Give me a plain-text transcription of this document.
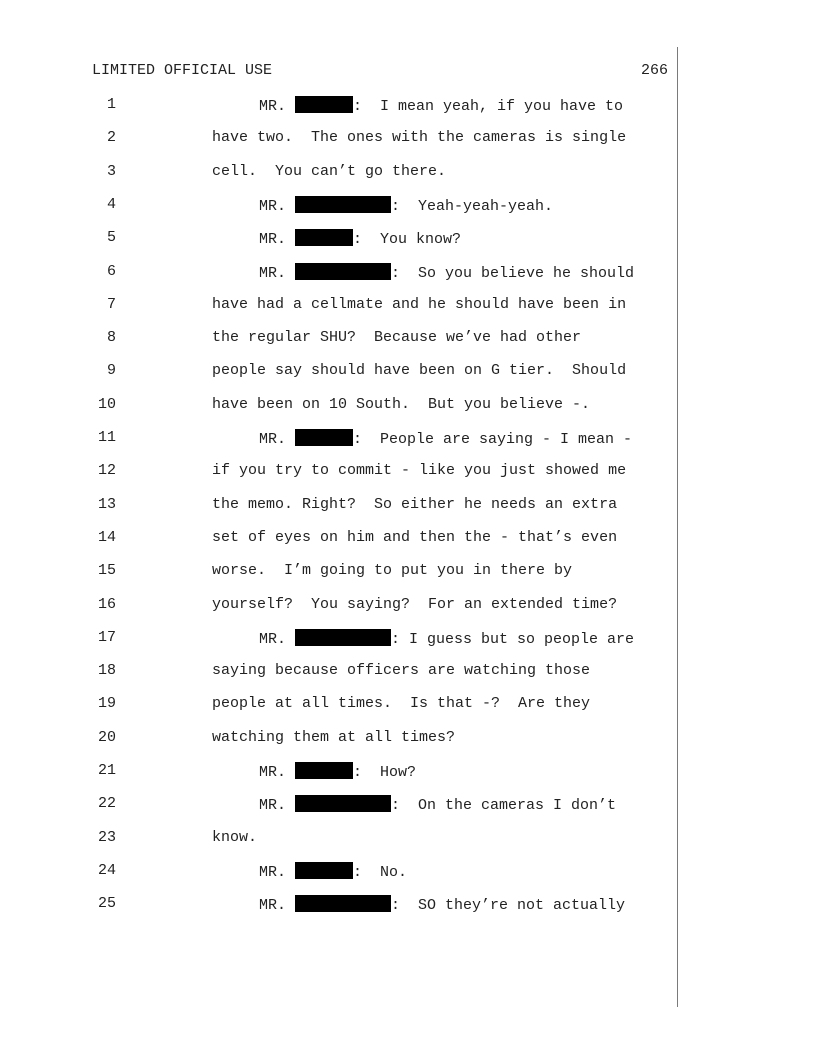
LIMITED OFFICIAL USE	266
1	MR.	:  I mean yeah, if you have to
2	have two.  The ones with the cameras is single
3	cell.  You can’t go there.
4	MR.	:  Yeah-yeah-yeah.
5	MR.	:  You know?
6	MR.	:  So you believe he should
7	have had a cellmate and he should have been in
8	the regular SHU?  Because we’ve had other
9	people say should have been on G tier.  Should
10	have been on 10 South.  But you believe -.
11	MR.	:  People are saying - I mean -
12	if you try to commit - like you just showed me
13	the memo. Right?  So either he needs an extra
14	set of eyes on him and then the - that’s even
15	worse.  I’m going to put you in there by
16	yourself?  You saying?  For an extended time?
17	MR.	: I guess but so people are
18	saying because officers are watching those
19	people at all times.  Is that -?  Are they
20	watching them at all times?
21	MR.	:  How?
22	MR.	:  On the cameras I don’t
23	know.
24	MR.	:  No.
25	MR.	:  SO they’re not actually
